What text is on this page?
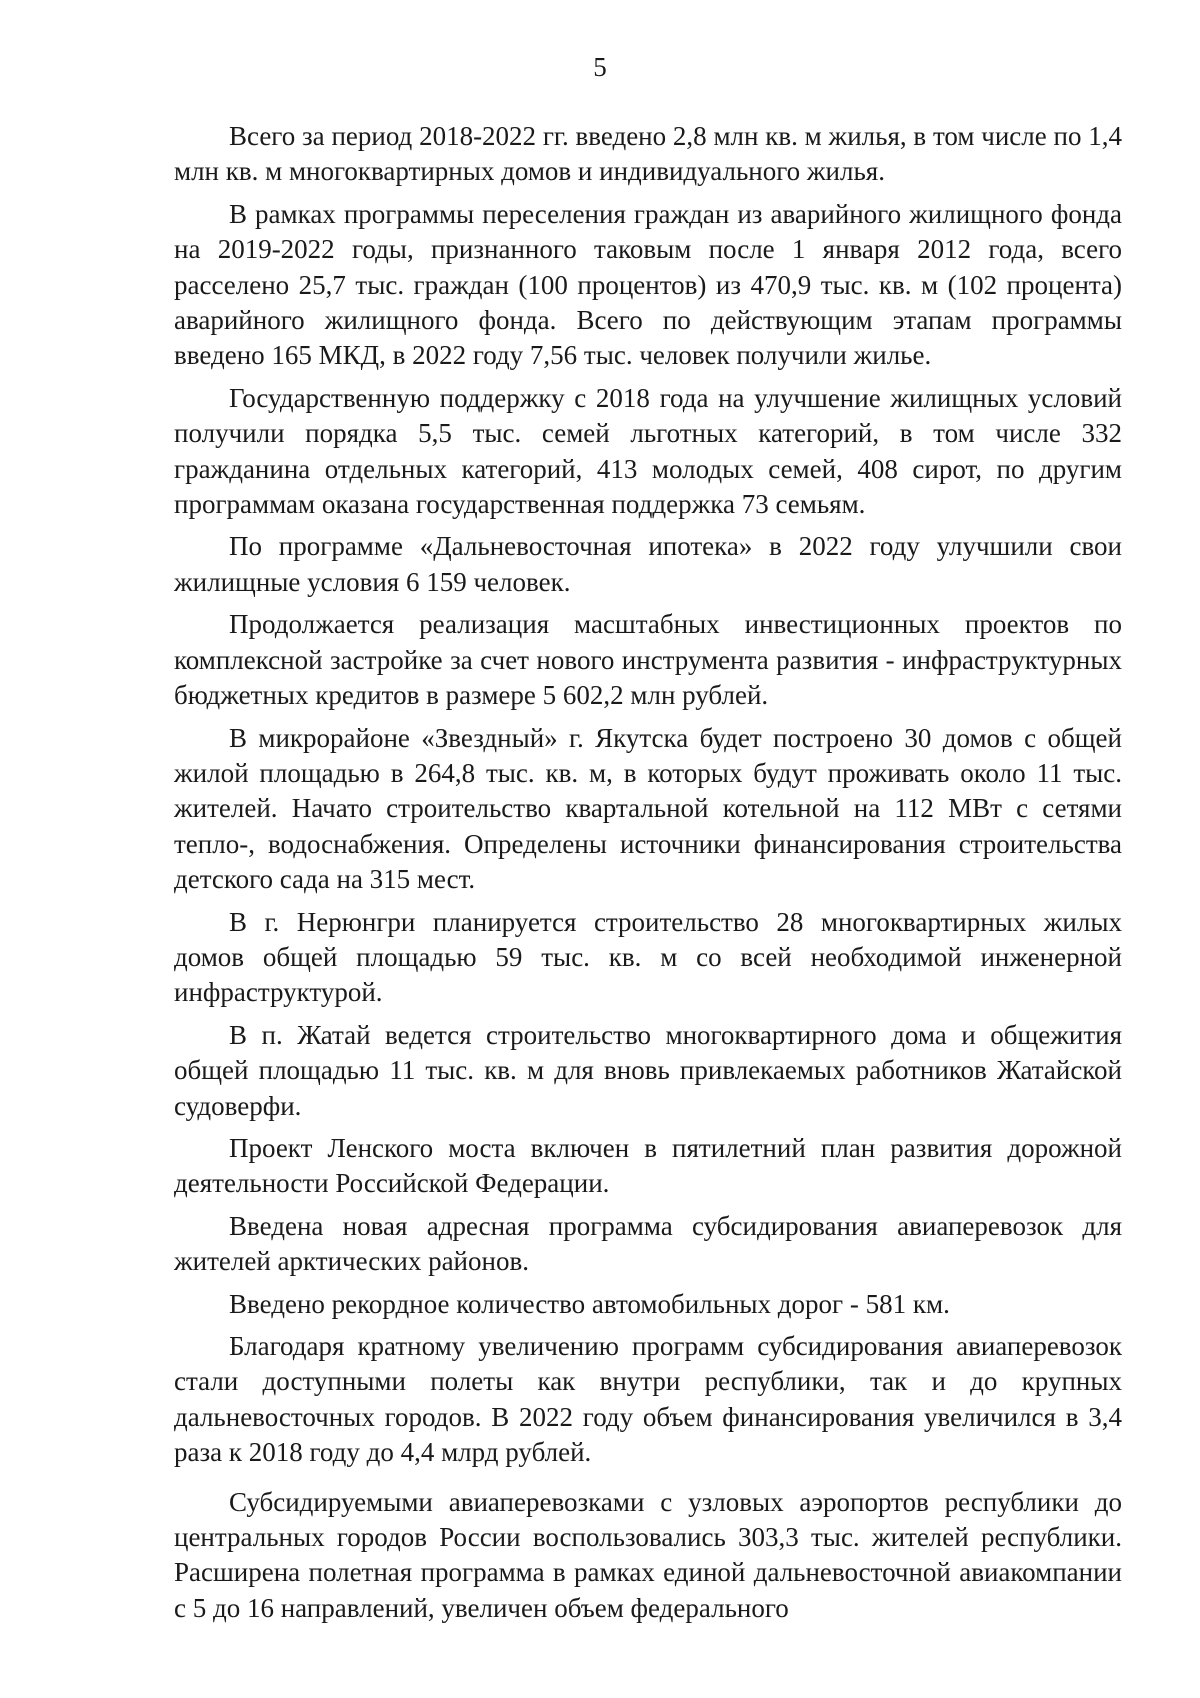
5

Всего за период 2018-2022 гг. введено 2,8 млн кв. м жилья, в том числе по 1,4 млн кв. м многоквартирных домов и индивидуального жилья.

В рамках программы переселения граждан из аварийного жилищного фонда на 2019-2022 годы, признанного таковым после 1 января 2012 года, всего расселено 25,7 тыс. граждан (100 процентов) из 470,9 тыс. кв. м (102 процента) аварийного жилищного фонда. Всего по действующим этапам программы введено 165 МКД, в 2022 году 7,56 тыс. человек получили жилье.

Государственную поддержку с 2018 года на улучшение жилищных условий получили порядка 5,5 тыс. семей льготных категорий, в том числе 332 гражданина отдельных категорий, 413 молодых семей, 408 сирот, по другим программам оказана государственная поддержка 73 семьям.

По программе «Дальневосточная ипотека» в 2022 году улучшили свои жилищные условия 6 159 человек.

Продолжается реализация масштабных инвестиционных проектов по комплексной застройке за счет нового инструмента развития - инфраструктурных бюджетных кредитов в размере 5 602,2 млн рублей.

В микрорайоне «Звездный» г. Якутска будет построено 30 домов с общей жилой площадью в 264,8 тыс. кв. м, в которых будут проживать около 11 тыс. жителей. Начато строительство квартальной котельной на 112 МВт с сетями тепло-, водоснабжения. Определены источники финансирования строительства детского сада на 315 мест.

В г. Нерюнгри планируется строительство 28 многоквартирных жилых домов общей площадью 59 тыс. кв. м со всей необходимой инженерной инфраструктурой.

В п. Жатай ведется строительство многоквартирного дома и общежития общей площадью 11 тыс. кв. м для вновь привлекаемых работников Жатайской судоверфи.

Проект Ленского моста включен в пятилетний план развития дорожной деятельности Российской Федерации.

Введена новая адресная программа субсидирования авиаперевозок для жителей арктических районов.

Введено рекордное количество автомобильных дорог - 581 км.

Благодаря кратному увеличению программ субсидирования авиаперевозок стали доступными полеты как внутри республики, так и до крупных дальневосточных городов. В 2022 году объем финансирования увеличился в 3,4 раза к 2018 году до 4,4 млрд рублей.

Субсидируемыми авиаперевозками с узловых аэропортов республики до центральных городов России воспользовались 303,3 тыс. жителей республики. Расширена полетная программа в рамках единой дальневосточной авиакомпании с 5 до 16 направлений, увеличен объем федерального
